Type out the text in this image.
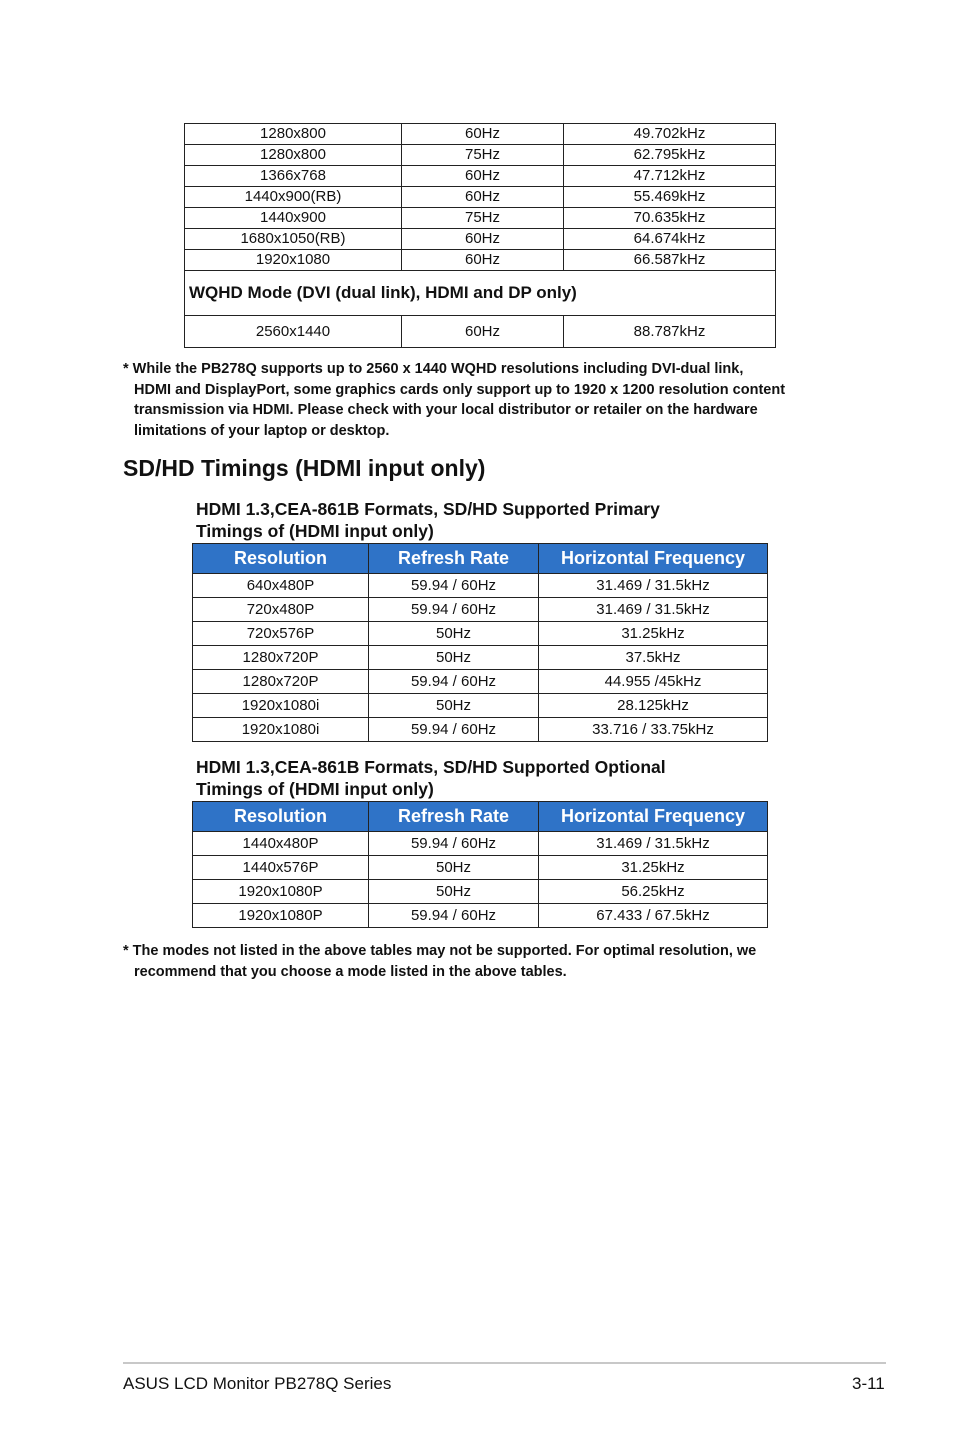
1280x800	60Hz	49.702kHz
1280x800	75Hz	62.795kHz
1366x768	60Hz	47.712kHz
1440x900(RB)	60Hz	55.469kHz
1440x900	75Hz	70.635kHz
1680x1050(RB)	60Hz	64.674kHz
1920x1080	60Hz	66.587kHz
WQHD Mode (DVI (dual link), HDMI and DP only)
2560x1440	60Hz	88.787kHz
* While the PB278Q supports up to 2560 x 1440 WQHD resolutions including DVI-dual link,
HDMI and DisplayPort, some graphics cards only support up to 1920 x 1200 resolution content
transmission via HDMI. Please check with your local distributor or retailer on the hardware
limitations of your laptop or desktop.
SD/HD Timings (HDMI input only)
HDMI 1.3,CEA-861B Formats, SD/HD Supported Primary
Timings of (HDMI input only)
Resolution	Refresh Rate	Horizontal Frequency
640x480P	59.94 / 60Hz	31.469 / 31.5kHz
720x480P	59.94 / 60Hz	31.469 / 31.5kHz
720x576P	50Hz	31.25kHz
1280x720P	50Hz	37.5kHz
1280x720P	59.94 / 60Hz	44.955 /45kHz
1920x1080i	50Hz	28.125kHz
1920x1080i	59.94 / 60Hz	33.716 / 33.75kHz
HDMI 1.3,CEA-861B Formats, SD/HD Supported Optional
Timings of (HDMI input only)
Resolution	Refresh Rate	Horizontal Frequency
1440x480P	59.94 / 60Hz	31.469 / 31.5kHz
1440x576P	50Hz	31.25kHz
1920x1080P	50Hz	56.25kHz
1920x1080P	59.94 / 60Hz	67.433 / 67.5kHz
* The modes not listed in the above tables may not be supported. For optimal resolution, we
recommend that you choose a mode listed in the above tables.
ASUS LCD Monitor PB278Q Series	3-11
